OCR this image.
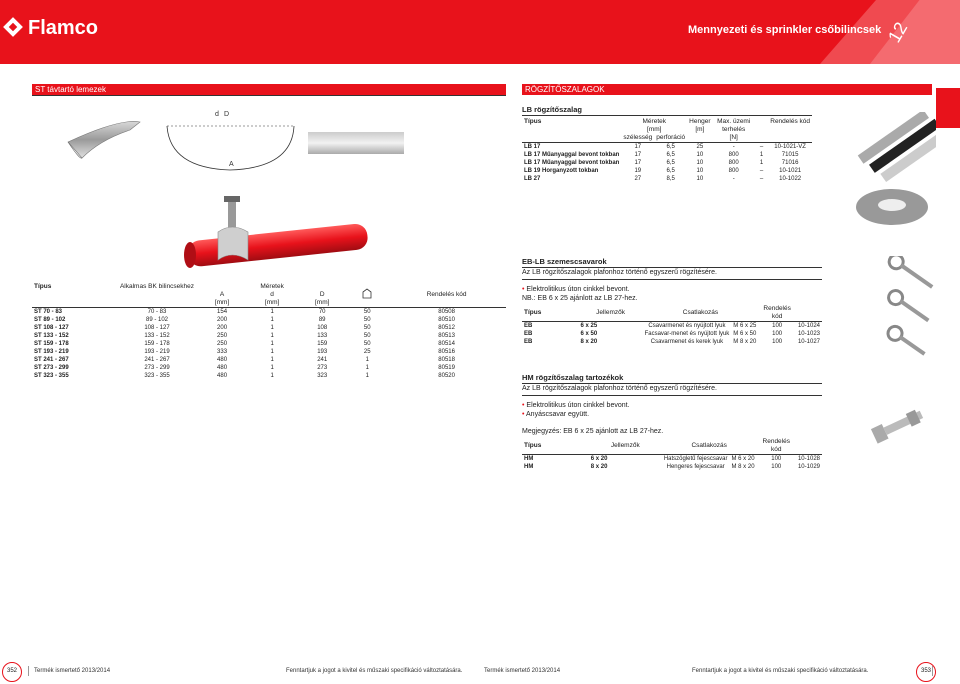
Flamco	Mennyezeti és sprinkler csőbilincsek 12
ST távtartó lemezek
d D
A
Típus	Alkalmas BK bilincsekhez	Méretek				Rendelés kód
		A	d	D		
		[mm]	[mm]	[mm]		
ST 70 - 83	70 - 83	154	1	70	50	80508
ST 89 - 102	89 - 102	200	1	89	50	80510
ST 108 - 127	108 - 127	200	1	108	50	80512
ST 133 - 152	133 - 152	250	1	133	50	80513
ST 159 - 178	159 - 178	250	1	159	50	80514
ST 193 - 219	193 - 219	333	1	193	25	80516
ST 241 - 267	241 - 267	480	1	241	1	80518
ST 273 - 299	273 - 299	480	1	273	1	80519
ST 323 - 355	323 - 355	480	1	323	1	80520
RÖGZÍTŐSZALAGOK
LB rögzítőszalag
Típus	Méretek
[mm]		Henger
[m]	Max. üzemi terhelés
[N]		Rendelés kód
	szélesség	perforáció				
LB 17	17	6,5	25	-	–	10-1021-VZ
LB 17 Műanyaggal bevont tokban	17	6,5	10	800	1	71015
LB 17 Műanyaggal bevont tokban	17	6,5	10	800	1	71016
LB 19 Horganyzott tokban	19	6,5	10	800	–	10-1021
LB 27	27	8,5	10	-	–	10-1022
EB-LB szemescsavarok
Az LB rögzítőszalagok plafonhoz történő egyszerű rögzítésére.
• Elektrolitikus úton cinkkel bevont.
NB.: EB 6 x 25 ajánlott az LB 27-hez.
Típus	Jellemzők	Csatlakozás		Rendelés kód	
EB	6 x 25	Csavarmenet és nyújtott lyuk	M 6 x 25	100	10-1024
EB	6 x 50	Facsavar-menet és nyújtott lyuk	M 6 x 50	100	10-1023
EB	8 x 20	Csavarmenet és kerek lyuk	M 8 x 20	100	10-1027
HM rögzítőszalag tartozékok
Az LB rögzítőszalagok plafonhoz történő egyszerű rögzítésére.
• Elektrolitikus úton cinkkel bevont.
• Anyáscsavar együtt.
Megjegyzés: EB 6 x 25 ajánlott az LB 27-hez.
Típus	Jellemzők	Csatlakozás		Rendelés kód	
HM	6 x 20	Hatszögletű fejescsavar	M 6 x 20	100	10-1028
HM	8 x 20	Hengeres fejescsavar	M 8 x 20	100	10-1029
352	Termék ismertető 2013/2014	Fenntartjuk a jogot a kivitel és műszaki specifikáció változtatására.	Termék ismertető 2013/2014	Fenntartjuk a jogot a kivitel és műszaki specifikáció változtatására.	353
